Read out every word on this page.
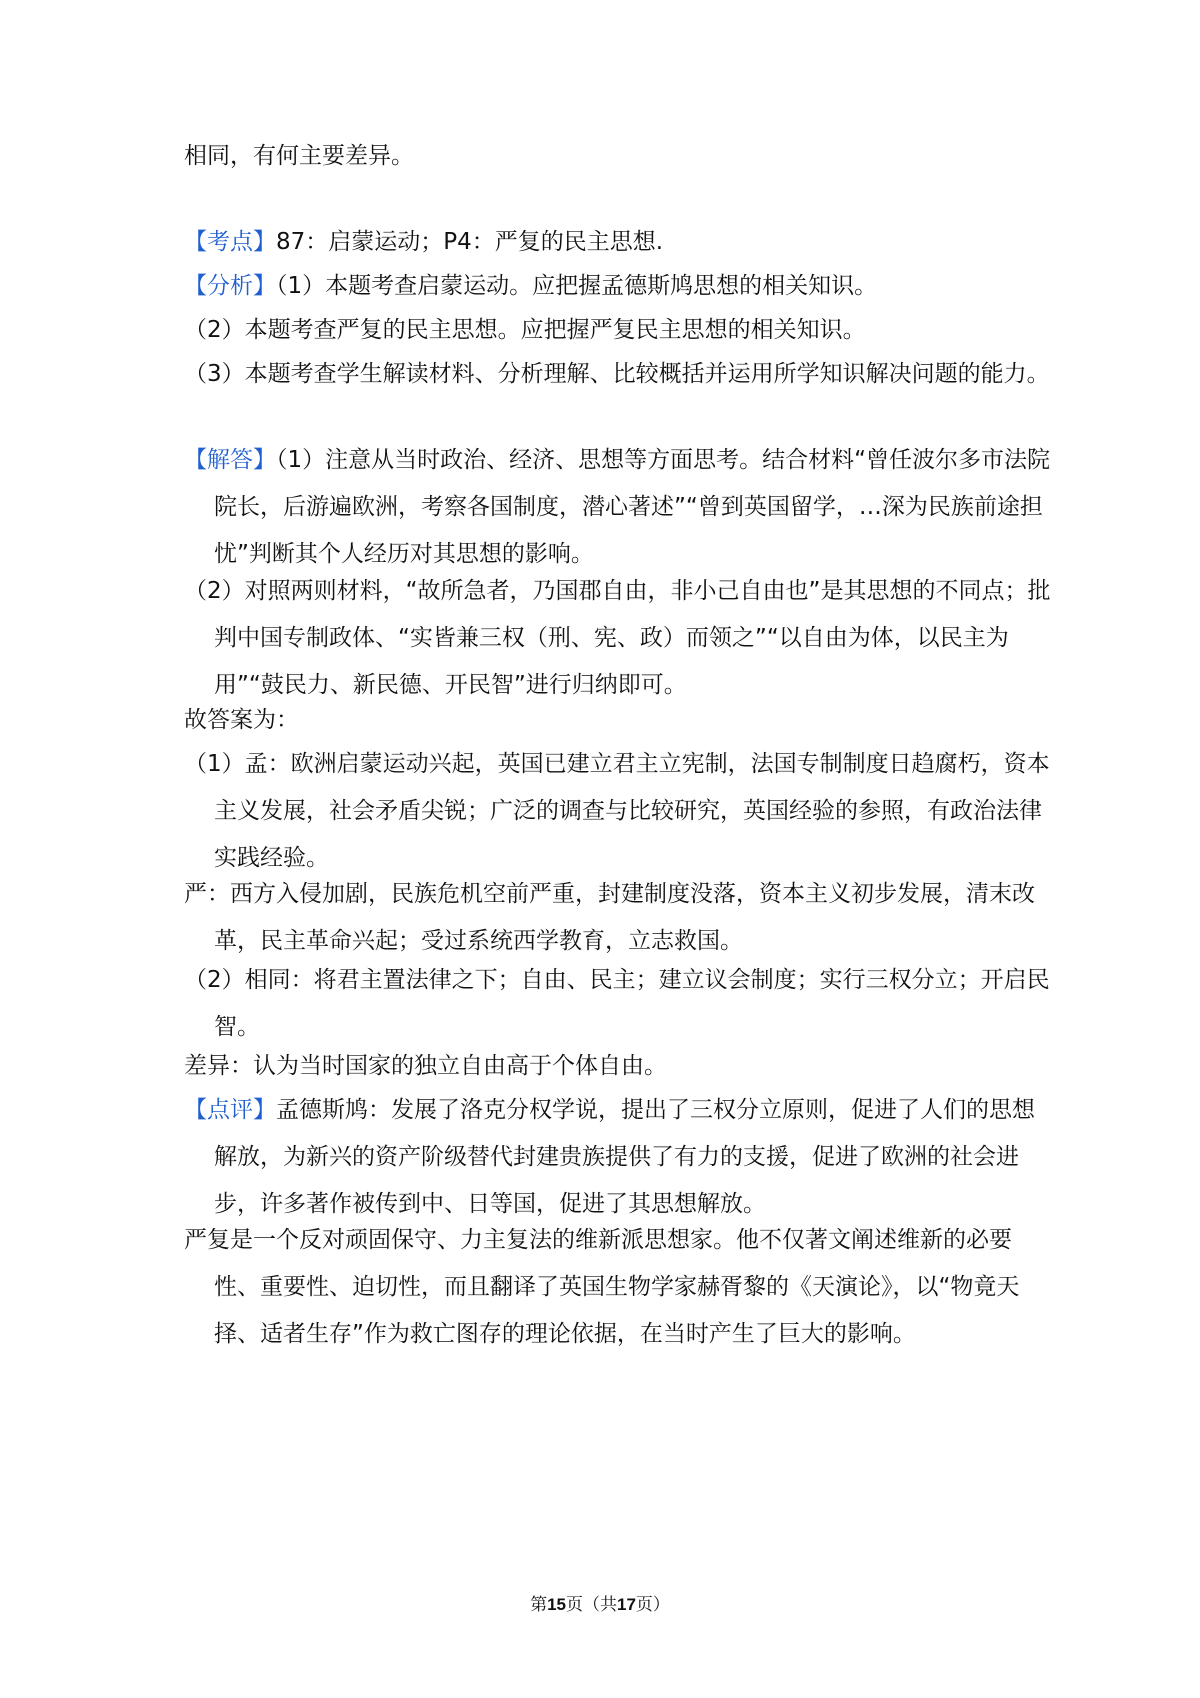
相同，有何主要差异。
【考点】87：启蒙运动；P4：严复的民主思想.
【分析】（1）本题考查启蒙运动。应把握孟德斯鸠思想的相关知识。
（2）本题考查严复的民主思想。应把握严复民主思想的相关知识。
（3）本题考查学生解读材料、分析理解、比较概括并运用所学知识解决问题的能力。
【解答】（1）注意从当时政治、经济、思想等方面思考。结合材料“曾任波尔多市法院院长，后游遍欧洲，考察各国制度，潜心著述”“曾到英国留学，…深为民族前途担忧”判断其个人经历对其思想的影响。
（2）对照两则材料，“故所急者，乃国郡自由，非小己自由也”是其思想的不同点；批判中国专制政体、“实皆兼三权（刑、宪、政）而领之”“以自由为体，以民主为用”“鼓民力、新民德、开民智”进行归纳即可。
故答案为：
（1）孟：欧洲启蒙运动兴起，英国已建立君主立宪制，法国专制制度日趋腐朽，资本主义发展，社会矛盾尖锐；广泛的调查与比较研究，英国经验的参照，有政治法律实践经验。
严：西方入侵加剧，民族危机空前严重，封建制度没落，资本主义初步发展，清末改革，民主革命兴起；受过系统西学教育，立志救国。
（2）相同：将君主置法律之下；自由、民主；建立议会制度；实行三权分立；开启民智。
差异：认为当时国家的独立自由高于个体自由。
【点评】孟德斯鸠：发展了洛克分权学说，提出了三权分立原则，促进了人们的思想解放，为新兴的资产阶级替代封建贵族提供了有力的支援，促进了欧洲的社会进步，许多著作被传到中、日等国，促进了其思想解放。
严复是一个反对顽固保守、力主复法的维新派思想家。他不仅著文阐述维新的必要性、重要性、迫切性，而且翻译了英国生物学家赫胥黎的《天演论》，以“物竟天择、适者生存”作为救亡图存的理论依据，在当时产生了巨大的影响。
第15页（共17页）
